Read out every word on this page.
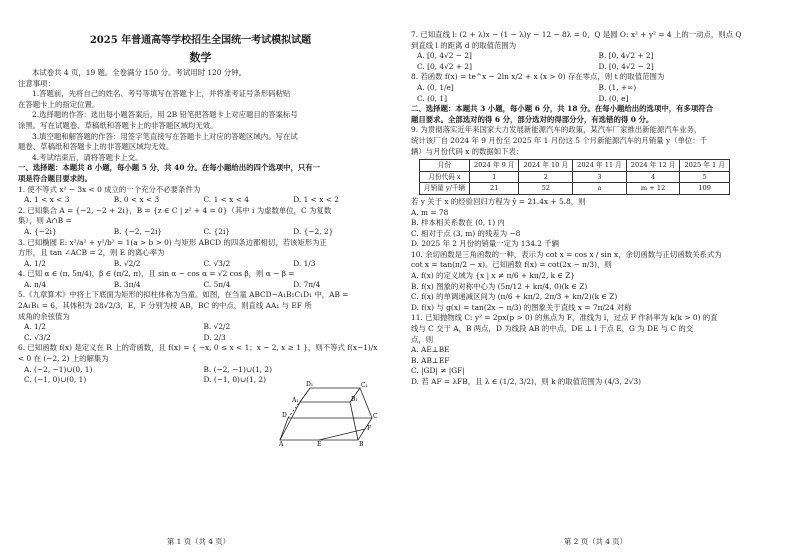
2025 年普通高等学校招生全国统一考试模拟试题
数学
本试卷共 4 页，19 题。全卷满分 150 分。考试用时 120 分钟。
注意事项：
1.答题前，先将自己的姓名、考号等填写在答题卡上，并将准考证号条形码粘贴
在答题卡上的指定位置。
2.选择题的作答：选出每小题答案后，用 2B 铅笔把答题卡上对应题目的答案标号
涂黑。写在试题卷、草稿纸和答题卡上的非答题区域均无效。
3.填空题和解答题的作答：用签字笔直接写在答题卡上对应的答题区域内。写在试
题卷、草稿纸和答题卡上的非答题区域均无效。
4.考试结束后，请将答题卡上交。
一、选择题：本题共 8 小题，每小题 5 分，共 40 分。在每小题给出的四个选项中，只有一
项是符合题目要求的。
1. 使不等式 x² − 3x < 0 成立的一个充分不必要条件为
A. 1 < x < 3	B. 0 < x < 3	C. 1 < x < 4	D. 1 < x < 2
2. 已知集合 A = {−2, −2 + 2i}，B = {z ∈ C | z² + 4 = 0}（其中 i 为虚数单位，C 为复数
集），则 A∩B =
A. {−2i}	B. {−2, −2i}	C. {2i}	D. {−2, 2}
3. 已知椭圆 E: x²/a² + y²/b² = 1(a > b > 0) 与矩形 ABCD 的四条边都相切，若该矩形为正
方形，且 tan ∠ACB = 2，则 E 的离心率为
A. 1/2	B. √2/2	C. √3/2	D. 1/3
4. 已知 α ∈ (π, 5π/4)，β ∈ (π/2, π)，且 sin α − cos α = √2 cos β，则 α − β =
A. π/4	B. 3π/4	C. 5π/4	D. 7π/4
5.《九章算术》中将上下底面为矩形的拟柱体称为刍童。如图，在刍童 ABCD−A₁B₁C₁D₁ 中，AB =
2A₁B₁ = 6，其体积为 28√2/3，E，F 分别为棱 AB，BC 的中点，则直线 AA₁ 与 EF 所
成角的余弦值为
A. 1/2	B. √2/2
C. √3/2	D. 2/3
6. 已知函数 f(x) 是定义在 R 上的奇函数，且 f(x) = { −x, 0 ≤ x < 1；x − 2, x ≥ 1 }，则不等式 f(x−1)/x
< 0 在 (−2, 2) 上的解集为
A. (−2, −1)∪(0, 1)	B. (−2, −1)∪(1, 2)
C. (−1, 0)∪(0, 1)	D. (−1, 0)∪(1, 2)
D₁	C₁
A₁	B₁
D	C
F
A	E	B
第 1 页（共 4 页）
7. 已知直线 l: (2 + λ)x − (1 − λ)y − 12 − 8λ = 0，Q 是圆 O: x² + y² = 4 上的一动点，则点 Q
到直线 l 的距离 d 的取值范围为
A. [0, 4√2 − 2]	B. [0, 4√2 + 2]
C. [0, 4√2 + 2]	D. [0, 4√2 − 2]
8. 若函数 f(x) = te^x − 2ln x/2 + x (x > 0) 存在零点，则 t 的取值范围为
A. (0, 1/e]	B. (1, +∞)
C. (0, 1]	D. (0, e]
二、选择题：本题共 3 小题，每小题 6 分，共 18 分。在每小题给出的选项中，有多项符合
题目要求。全部选对的得 6 分，部分选对的得部分分，有选错的得 0 分。
9. 为贯彻落实近年来国家大力发展新能源汽车的政策，某汽车厂家推出新能源汽车业务，
统计该厂自 2024 年 9 月份至 2025 年 1 月份这 5 个月新能源汽车的月销量 y（单位：千
辆）与月份代码 x 的数据如下表：
月份	2024 年 9 月	2024 年 10 月	2024 年 11 月	2024 年 12 月	2025 年 1 月
月份代码 x	1	2	3	4	5
月销量 y/千辆	21	52	a	m + 12	109
若 y 关于 x 的经验回归方程为 ŷ = 21.4x + 5.8，则
A. m = 78
B. 样本相关系数在 (0, 1) 内
C. 相对于点 (3, m) 的残差为 −8
D. 2025 年 2 月份的销量一定为 134.2 千辆
10. 余切函数是三角函数的一种，表示为 cot x = cos x / sin x，余切函数与正切函数关系式为
cot x = tan(π/2 − x)。已知函数 f(x) = cot(2x − π/3)，则
A. f(x) 的定义域为 {x | x ≠ π/6 + kπ/2, k ∈ Z}
B. f(x) 图象的对称中心为 (5π/12 + kπ/4, 0)(k ∈ Z)
C. f(x) 的单调递减区间为 (π/6 + kπ/2, 2π/3 + kπ/2)(k ∈ Z)
D. f(x) 与 g(x) = tan(2x − π/3) 的图象关于直线 x = 7π/24 对称
11. 已知抛物线 C: y² = 2px(p > 0) 的焦点为 F，准线为 l，过点 F 作斜率为 k(k > 0) 的直
线与 C 交于 A，B 两点，D 为线段 AB 的中点，DE ⊥ l 于点 E，G 为 DE 与 C 的交
点，则
A. AE⊥BE
B. AB⊥EF
C. |GD| ≠ |GF|
D. 若 AF = λFB，且 λ ∈ (1/2, 3/2)，则 k 的取值范围为 (4/3, 2√3)
第 2 页（共 4 页）
